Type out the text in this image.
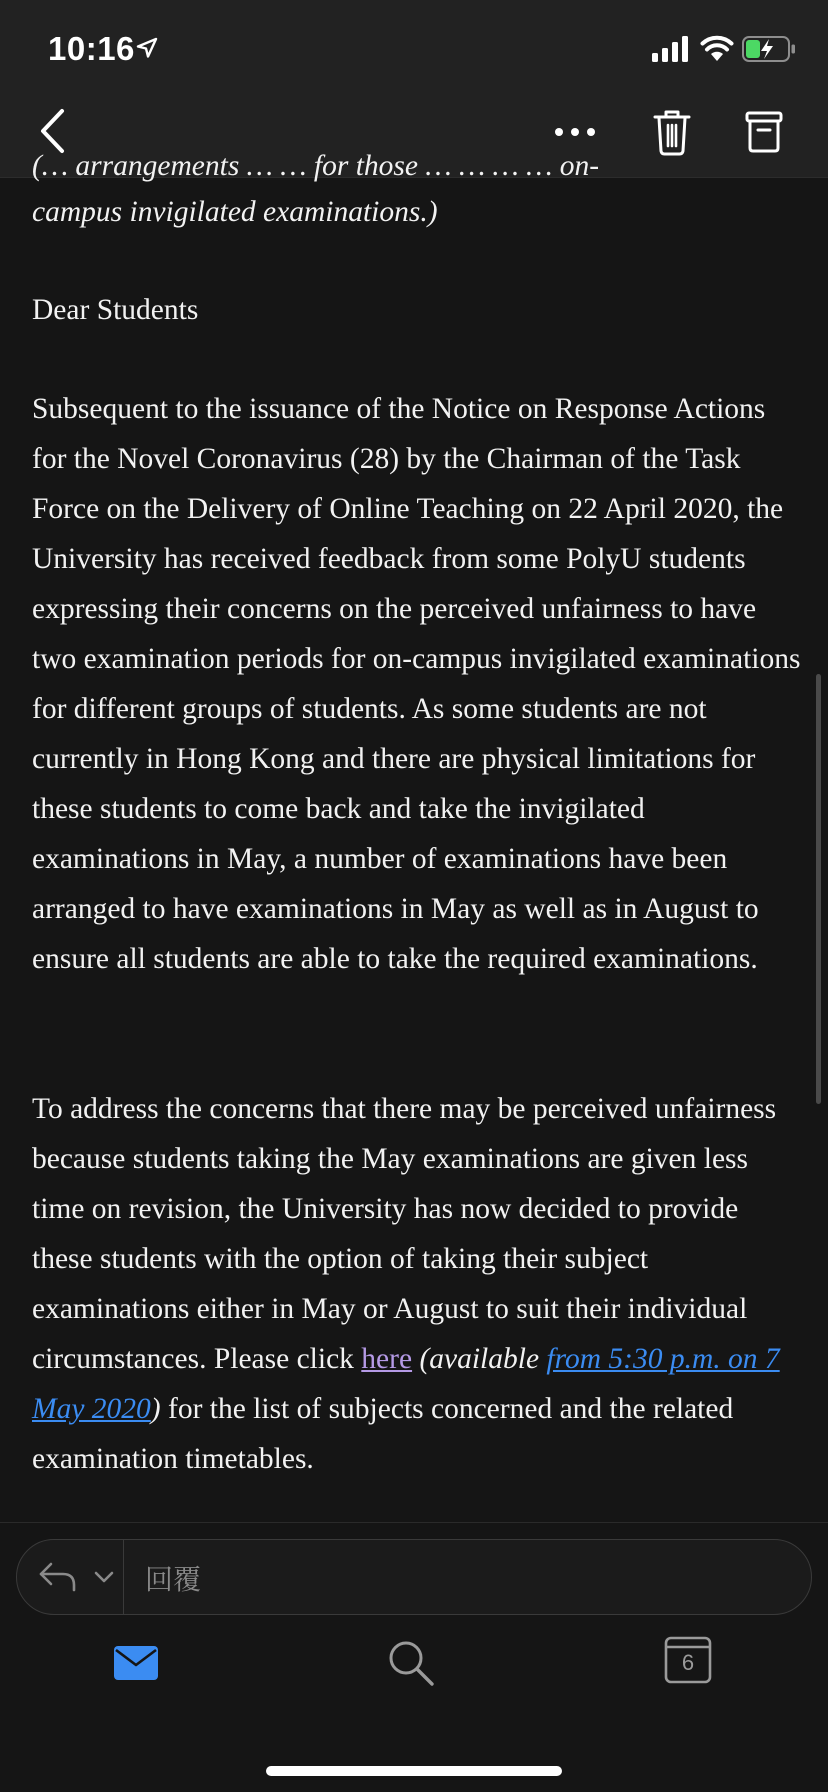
10:16
(… arrangements … … for those … … … … on-
campus invigilated examinations.)
Dear Students
Subsequent to the issuance of the Notice on Response Actions for the Novel Coronavirus (28) by the Chairman of the Task Force on the Delivery of Online Teaching on 22 April 2020, the University has received feedback from some PolyU students expressing their concerns on the perceived unfairness to have two examination periods for on-campus invigilated examinations for different groups of students. As some students are not currently in Hong Kong and there are physical limitations for these students to come back and take the invigilated examinations in May, a number of examinations have been arranged to have examinations in May as well as in August to ensure all students are able to take the required examinations.
To address the concerns that there may be perceived unfairness because students taking the May examinations are given less time on revision, the University has now decided to provide these students with the option of taking their subject examinations either in May or August to suit their individual circumstances. Please click here (available from 5:30 p.m. on 7 May 2020) for the list of subjects concerned and the related examination timetables.
回覆
6
